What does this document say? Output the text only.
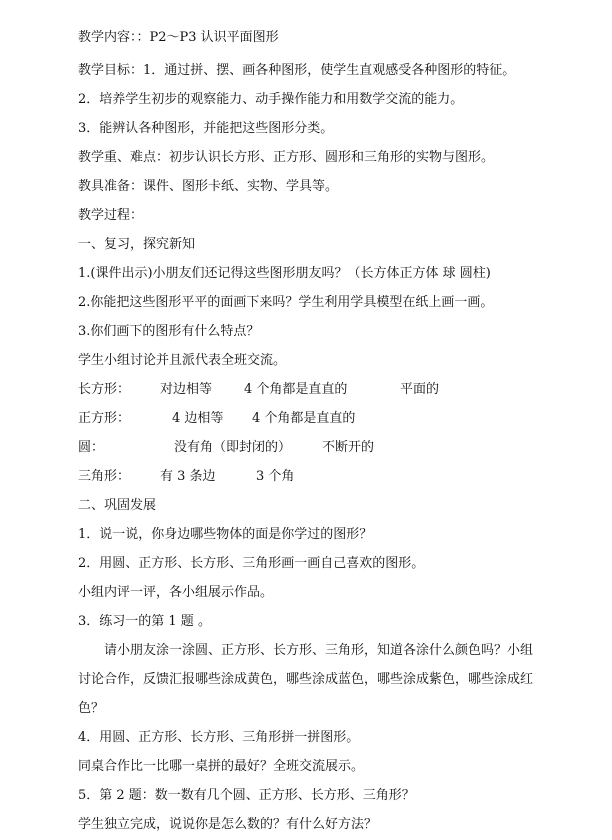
教学内容：：P2～P3 认识平面图形
教学目标：1．通过拼、摆、画各种图形，使学生直观感受各种图形的特征。
2．培养学生初步的观察能力、动手操作能力和用数学交流的能力。
3．能辨认各种图形，并能把这些图形分类。
教学重、难点：初步认识长方形、正方形、圆形和三角形的实物与图形。
教具准备：课件、图形卡纸、实物、学具等。
教学过程：
一、复习，探究新知
1.(课件出示)小朋友们还记得这些图形朋友吗？（长方体正方体 球 圆柱)
2.你能把这些图形平平的面画下来吗？学生利用学具模型在纸上画一画。
3.你们画下的图形有什么特点？
学生小组讨论并且派代表全班交流。
长方形： 对边相等 4 个角都是直直的	平面的
正方形：	4 边相等 4 个角都是直直的
圆：	没有角（即封闭的） 不断开的
三角形： 有 3 条边	3 个角
二、巩固发展
1．说一说，你身边哪些物体的面是你学过的图形？
2．用圆、正方形、长方形、三角形画一画自己喜欢的图形。
小组内评一评，各小组展示作品。
3．练习一的第 1 题 。
请小朋友涂一涂圆、正方形、长方形、三角形，知道各涂什么颜色吗？小组讨论合作，反馈汇报哪些涂成黄色，哪些涂成蓝色，哪些涂成紫色，哪些涂成红色？
4．用圆、正方形、长方形、三角形拼一拼图形。
同桌合作比一比哪一桌拼的最好？全班交流展示。
5．第 2 题：数一数有几个圆、正方形、长方形、三角形？
学生独立完成，说说你是怎么数的？有什么好方法？
